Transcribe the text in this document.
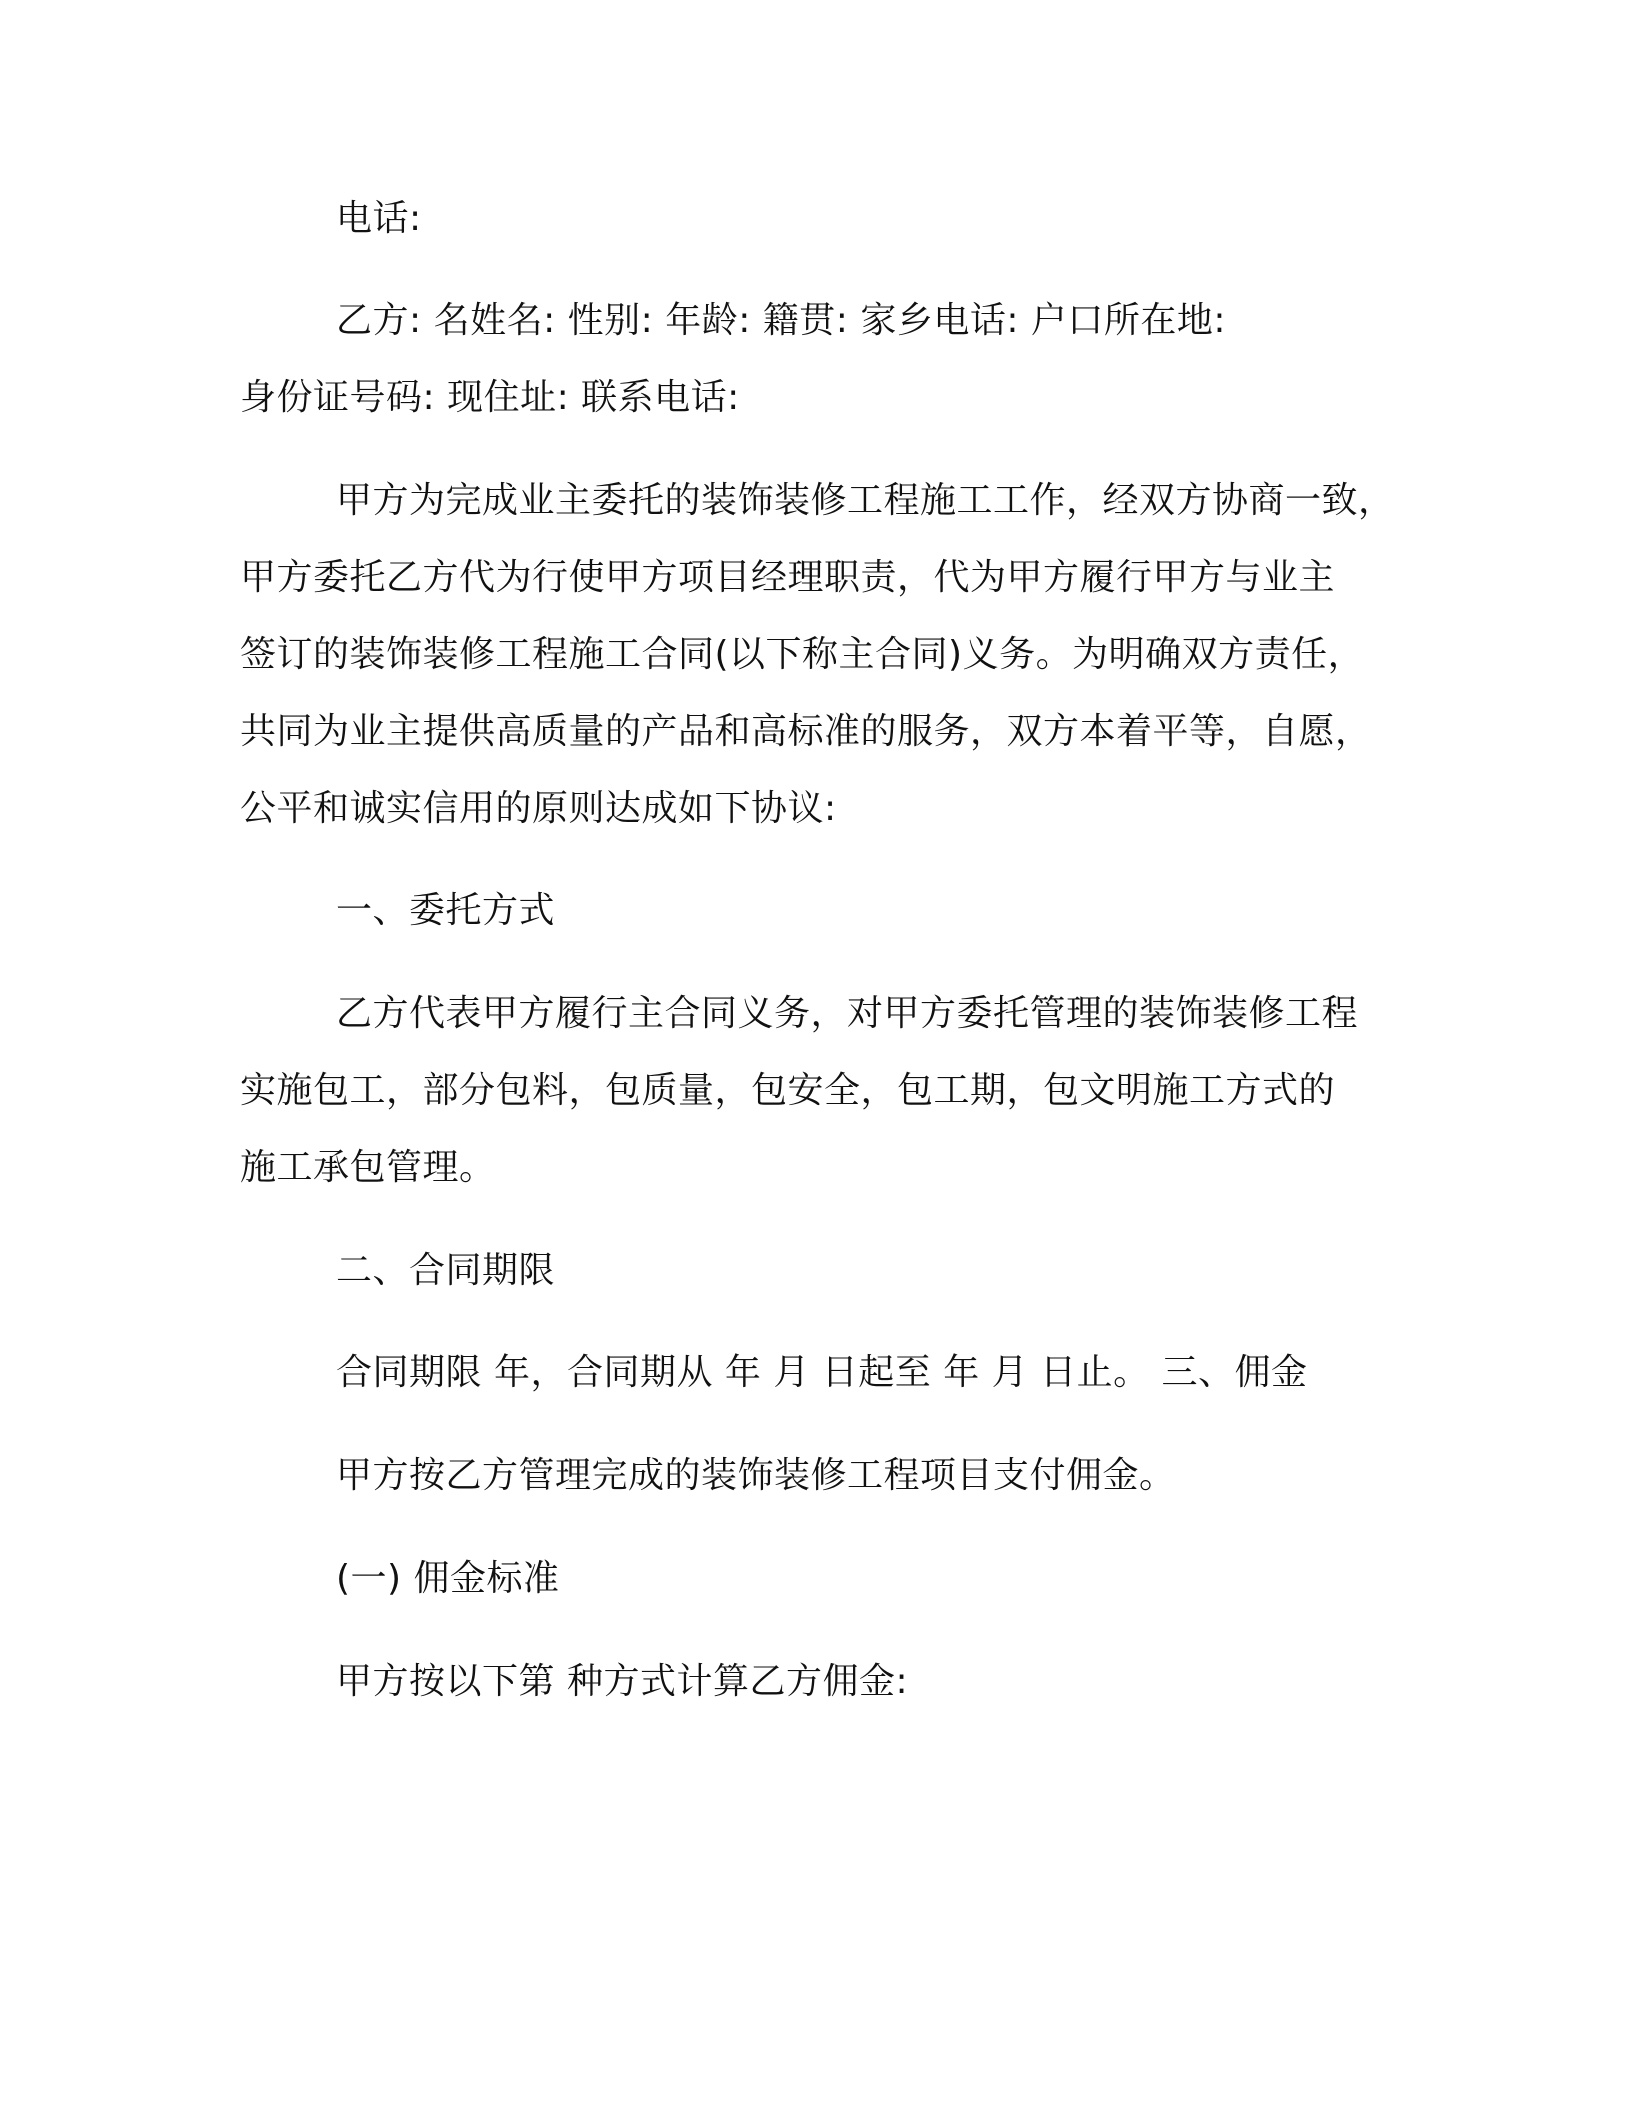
电话:

乙方: 名姓名: 性别: 年龄: 籍贯: 家乡电话: 户口所在地:
身份证号码: 现住址: 联系电话:

甲方为完成业主委托的装饰装修工程施工工作，经双方协商一致，
甲方委托乙方代为行使甲方项目经理职责，代为甲方履行甲方与业主
签订的装饰装修工程施工合同(以下称主合同)义务。为明确双方责任，
共同为业主提供高质量的产品和高标准的服务，双方本着平等，自愿，
公平和诚实信用的原则达成如下协议:

一、委托方式

乙方代表甲方履行主合同义务，对甲方委托管理的装饰装修工程
实施包工，部分包料，包质量，包安全，包工期，包文明施工方式的
施工承包管理。

二、合同期限

合同期限 年，合同期从 年 月 日起至 年 月 日止。 三、佣金

甲方按乙方管理完成的装饰装修工程项目支付佣金。

(一) 佣金标准

甲方按以下第 种方式计算乙方佣金:
